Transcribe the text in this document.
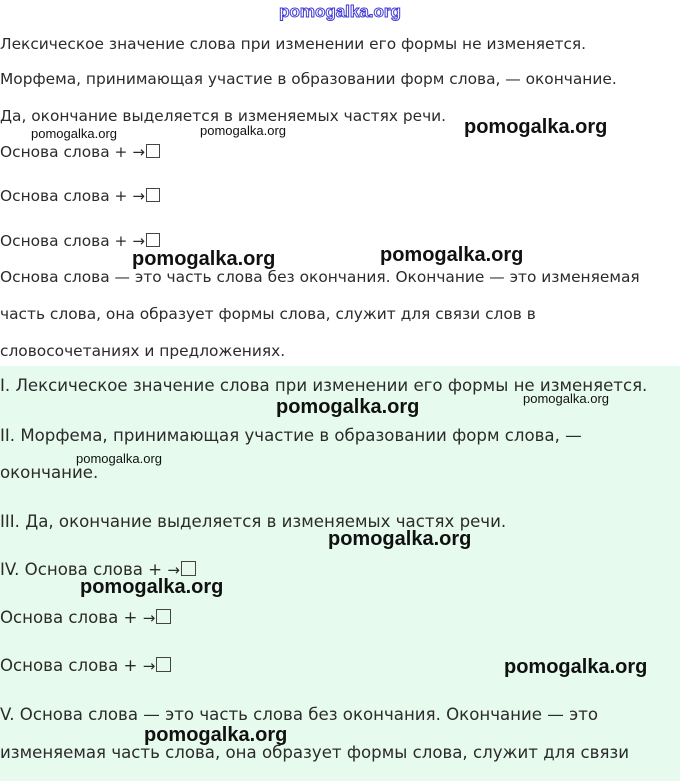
pomogalka.org
Лексическое значение слова при изменении его формы не изменяется.
Морфема, принимающая участие в образовании форм слова, — окончание.
Да, окончание выделяется в изменяемых частях речи.
Основа слова + →
Основа слова + →
Основа слова + →
Основа слова — это часть слова без окончания. Окончание — это изменяемая
часть слова, она образует формы слова, служит для связи слов в
словосочетаниях и предложениях.
I. Лексическое значение слова при изменении его формы не изменяется.
II. Морфема, принимающая участие в образовании форм слова, —
окончание.
III. Да, окончание выделяется в изменяемых частях речи.
IV. Основа слова + →
Основа слова + →
Основа слова + →
V. Основа слова — это часть слова без окончания. Окончание — это
изменяемая часть слова, она образует формы слова, служит для связи
pomogalka.org	pomogalka.org	pomogalka.org
pomogalka.org	pomogalka.org
pomogalka.org	pomogalka.org
pomogalka.org
pomogalka.org
pomogalka.org
pomogalka.org
pomogalka.org
